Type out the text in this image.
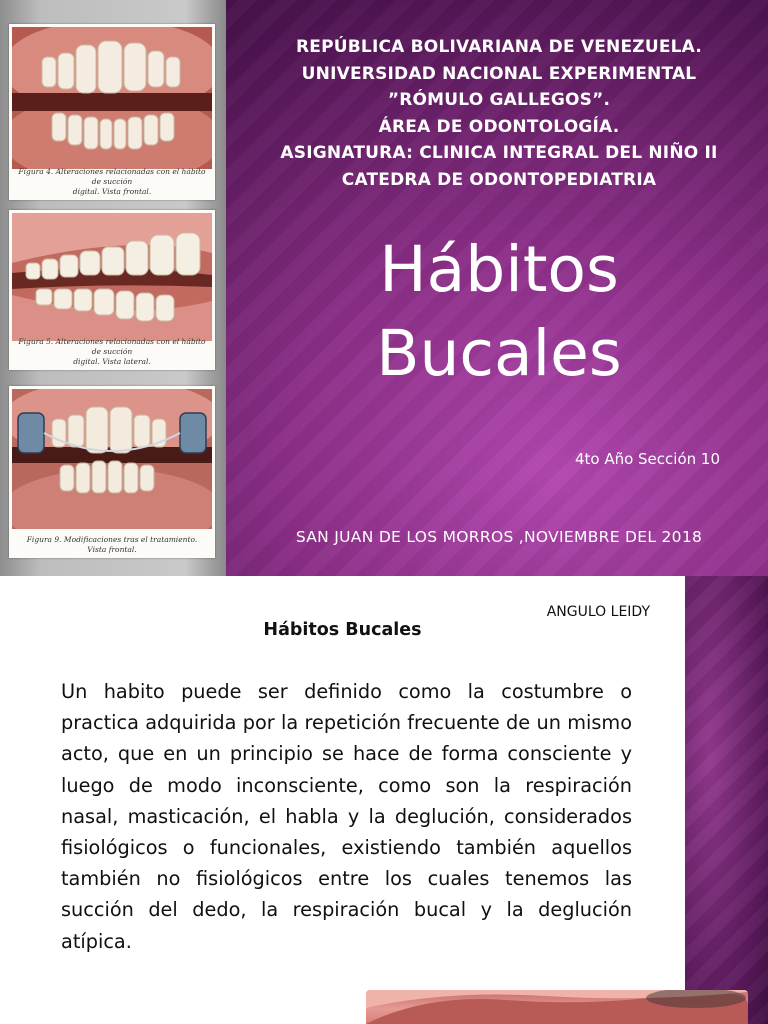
Figura 4. Alteraciones relacionadas con el hábito de succión
digital. Vista frontal.
Figura 5. Alteraciones relacionadas con el hábito de succión
digital. Vista lateral.
Figura 9. Modificaciones tras el tratamiento.
Vista frontal.
REPÚBLICA BOLIVARIANA DE VENEZUELA.
UNIVERSIDAD NACIONAL EXPERIMENTAL
”RÓMULO GALLEGOS”.
ÁREA DE ODONTOLOGÍA.
ASIGNATURA: CLINICA INTEGRAL DEL NIÑO II
CATEDRA DE ODONTOPEDIATRIA
Hábitos
Bucales
4to Año Sección 10
SAN JUAN DE LOS MORROS ,NOVIEMBRE DEL 2018
ANGULO LEIDY
Hábitos Bucales
Un habito puede ser definido como la costumbre o practica adquirida por la repetición frecuente de un mismo acto, que en un principio se hace de forma consciente y luego de modo inconsciente, como son la respiración nasal, masticación, el habla y la deglución, considerados fisiológicos o funcionales, existiendo también aquellos también no fisiológicos entre los cuales tenemos las succión del dedo, la respiración bucal y la deglución atípica.
